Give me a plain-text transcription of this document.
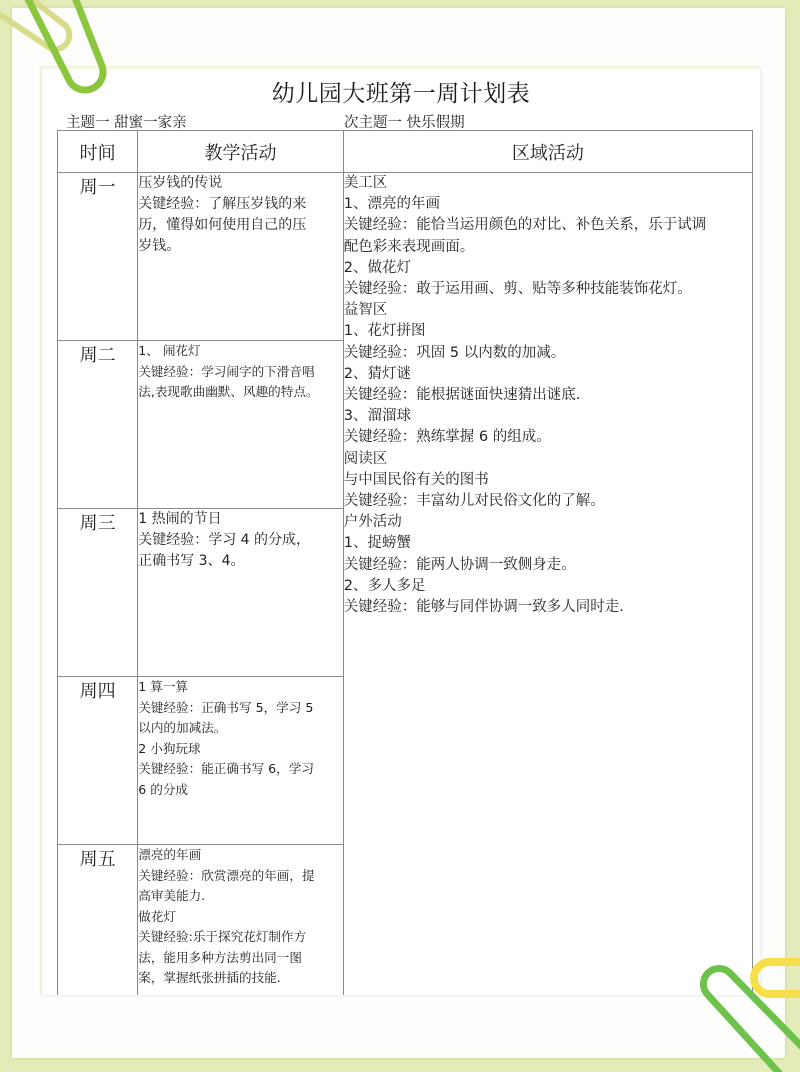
幼儿园大班第一周计划表
主题一 甜蜜一家亲	次主题一 快乐假期
时间	教学活动	区域活动
周一	压岁钱的传说
关键经验：了解压岁钱的来
历，懂得如何使用自己的压
岁钱。

美工区
1、漂亮的年画
关键经验：能恰当运用颜色的对比、补色关系，乐于试调
配色彩来表现画面。
2、做花灯
关键经验：敢于运用画、剪、贴等多种技能装饰花灯。
益智区
1、花灯拼图
关键经验：巩固 5 以内数的加减。
2、猜灯谜
关键经验：能根据谜面快速猜出谜底.
3、溜溜球
关键经验：熟练掌握 6 的组成。
阅读区
与中国民俗有关的图书
关键经验：丰富幼儿对民俗文化的了解。
户外活动
1、捉螃蟹
关键经验：能两人协调一致侧身走。
2、多人多足
关键经验：能够与同伴协调一致多人同时走.

周二	1、 闹花灯
关键经验：学习闹字的下滑音唱
法,表现歌曲幽默、风趣的特点。	

周三	1 热闹的节日
关键经验：学习 4 的分成，
正确书写 3、4。	

周四	1 算一算
关键经验：正确书写 5，学习 5
以内的加减法。
2 小狗玩球
关键经验：能正确书写 6，学习
6 的分成

周五	漂亮的年画
关键经验：欣赏漂亮的年画，提
高审美能力.
做花灯
关键经验:乐于探究花灯制作方
法，能用多种方法剪出同一图
案，掌握纸张拼插的技能.
